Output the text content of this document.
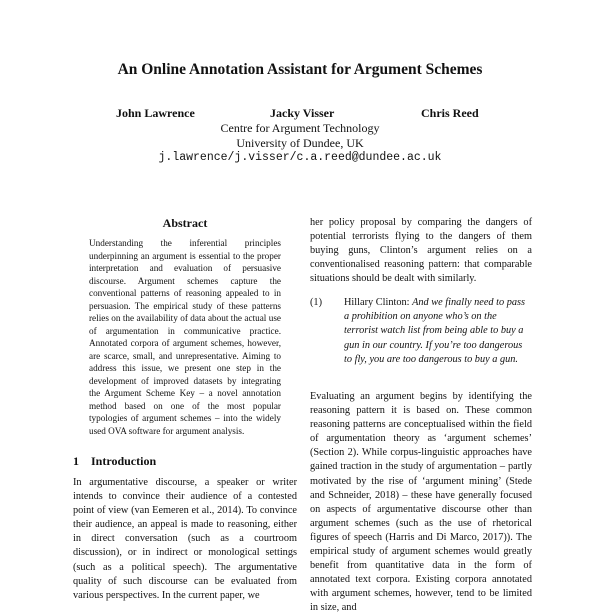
An Online Annotation Assistant for Argument Schemes
John Lawrence	Jacky Visser	Chris Reed
Centre for Argument Technology
University of Dundee, UK
j.lawrence/j.visser/c.a.reed@dundee.ac.uk
Abstract

Understanding the inferential principles underpinning an argument is essential to the proper interpretation and evaluation of persuasive discourse. Argument schemes capture the conventional patterns of reasoning appealed to in persuasion. The empirical study of these patterns relies on the availability of data about the actual use of argumentation in communicative practice. Annotated corpora of argument schemes, however, are scarce, small, and unrepresentative. Aiming to address this issue, we present one step in the development of improved datasets by integrating the Argument Scheme Key – a novel annotation method based on one of the most popular typologies of argument schemes – into the widely used OVA software for argument analysis.

1 Introduction

In argumentative discourse, a speaker or writer intends to convince their audience of a contested point of view (van Eemeren et al., 2014). To convince their audience, an appeal is made to reasoning, either in direct conversation (such as a courtroom discussion), or in indirect or monological settings (such as a political speech). The argumentative quality of such discourse can be evaluated from various perspectives. In the current paper, we

her policy proposal by comparing the dangers of potential terrorists flying to the dangers of them buying guns, Clinton’s argument relies on a conventionalised reasoning pattern: that comparable situations should be dealt with similarly.

(1) Hillary Clinton: And we finally need to pass a prohibition on anyone who’s on the terrorist watch list from being able to buy a gun in our country. If you’re too dangerous to fly, you are too dangerous to buy a gun.

Evaluating an argument begins by identifying the reasoning pattern it is based on. These common reasoning patterns are conceptualised within the field of argumentation theory as ‘argument schemes’ (Section 2). While corpus-linguistic approaches have gained traction in the study of argumentation – partly motivated by the rise of ‘argument mining’ (Stede and Schneider, 2018) – these have generally focused on aspects of argumentative discourse other than argument schemes (such as the use of rhetorical figures of speech (Harris and Di Marco, 2017)). The empirical study of argument schemes would greatly benefit from quantitative data in the form of annotated text corpora. Existing corpora annotated with argument schemes, however, tend to be limited in size, and
